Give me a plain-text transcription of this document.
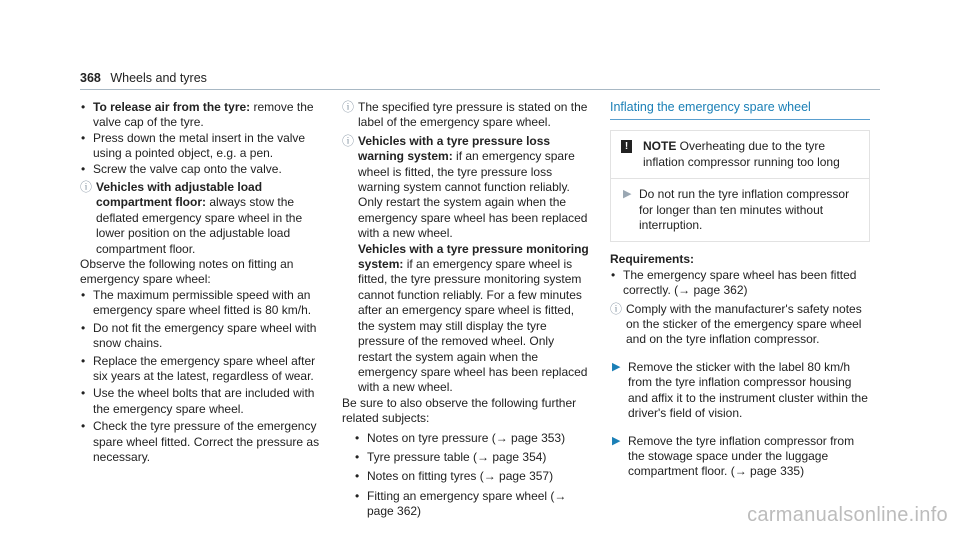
368 Wheels and tyres
• To release air from the tyre: remove the valve cap of the tyre.
• Press down the metal insert in the valve using a pointed object, e.g. a pen.
• Screw the valve cap onto the valve.
ⓘ Vehicles with adjustable load compartment floor: always stow the deflated emergency spare wheel in the lower position on the adjustable load compartment floor.
Observe the following notes on fitting an emergency spare wheel:
• The maximum permissible speed with an emergency spare wheel fitted is 80 km/h.
• Do not fit the emergency spare wheel with snow chains.
• Replace the emergency spare wheel after six years at the latest, regardless of wear.
• Use the wheel bolts that are included with the emergency spare wheel.
• Check the tyre pressure of the emergency spare wheel fitted. Correct the pressure as necessary.
ⓘ The specified tyre pressure is stated on the label of the emergency spare wheel.
ⓘ Vehicles with a tyre pressure loss warning system: if an emergency spare wheel is fitted, the tyre pressure loss warning system cannot function reliably. Only restart the system again when the emergency spare wheel has been replaced with a new wheel.
Vehicles with a tyre pressure monitoring system: if an emergency spare wheel is fitted, the tyre pressure monitoring system cannot function reliably. For a few minutes after an emergency spare wheel is fitted, the system may still display the tyre pressure of the removed wheel. Only restart the system again when the emergency spare wheel has been replaced with a new wheel.
Be sure to also observe the following further related subjects:
• Notes on tyre pressure (→ page 353)
• Tyre pressure table (→ page 354)
• Notes on fitting tyres (→ page 357)
• Fitting an emergency spare wheel (→ page 362)
Inflating the emergency spare wheel
!	NOTE Overheating due to the tyre inflation compressor running too long
▶ Do not run the tyre inflation compressor for longer than ten minutes without interruption.
Requirements:
• The emergency spare wheel has been fitted correctly. (→ page 362)
ⓘ Comply with the manufacturer's safety notes on the sticker of the emergency spare wheel and on the tyre inflation compressor.
▶ Remove the sticker with the label 80 km/h from the tyre inflation compressor housing and affix it to the instrument cluster within the driver's field of vision.
▶ Remove the tyre inflation compressor from the stowage space under the luggage compartment floor. (→ page 335)
carmanualsonline.info
